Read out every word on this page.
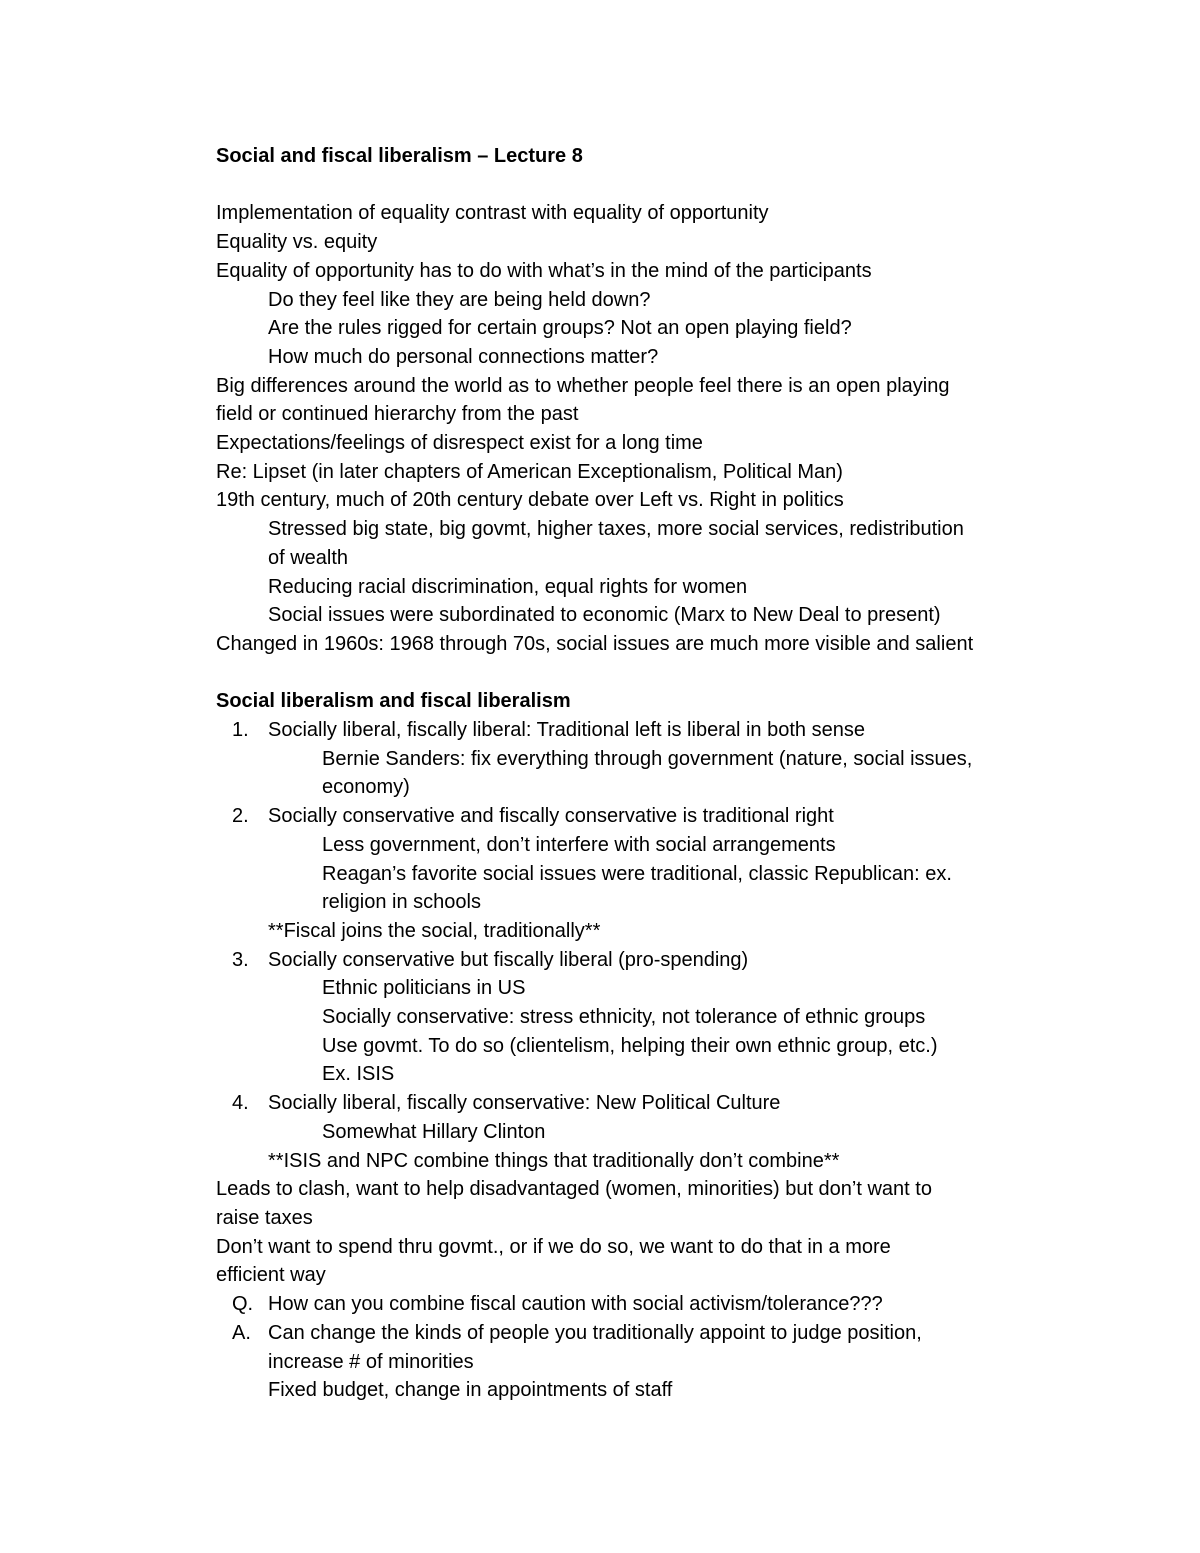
Social and fiscal liberalism – Lecture 8
Implementation of equality contrast with equality of opportunity
Equality vs. equity
Equality of opportunity has to do with what’s in the mind of the participants
Do they feel like they are being held down?
Are the rules rigged for certain groups? Not an open playing field?
How much do personal connections matter?
Big differences around the world as to whether people feel there is an open playing
field or continued hierarchy from the past
Expectations/feelings of disrespect exist for a long time
Re: Lipset (in later chapters of American Exceptionalism, Political Man)
19th century, much of 20th century debate over Left vs. Right in politics
Stressed big state, big govmt, higher taxes, more social services, redistribution
of wealth
Reducing racial discrimination, equal rights for women
Social issues were subordinated to economic (Marx to New Deal to present)
Changed in 1960s: 1968 through 70s, social issues are much more visible and salient
Social liberalism and fiscal liberalism
1. Socially liberal, fiscally liberal: Traditional left is liberal in both sense
Bernie Sanders: fix everything through government (nature, social issues,
economy)
2. Socially conservative and fiscally conservative is traditional right
Less government, don’t interfere with social arrangements
Reagan’s favorite social issues were traditional, classic Republican: ex.
religion in schools
**Fiscal joins the social, traditionally**
3. Socially conservative but fiscally liberal (pro-spending)
Ethnic politicians in US
Socially conservative: stress ethnicity, not tolerance of ethnic groups
Use govmt. To do so (clientelism, helping their own ethnic group, etc.)
Ex. ISIS
4. Socially liberal, fiscally conservative: New Political Culture
Somewhat Hillary Clinton
**ISIS and NPC combine things that traditionally don’t combine**
Leads to clash, want to help disadvantaged (women, minorities) but don’t want to
raise taxes
Don’t want to spend thru govmt., or if we do so, we want to do that in a more
efficient way
Q. How can you combine fiscal caution with social activism/tolerance???
A. Can change the kinds of people you traditionally appoint to judge position,
increase # of minorities
Fixed budget, change in appointments of staff
